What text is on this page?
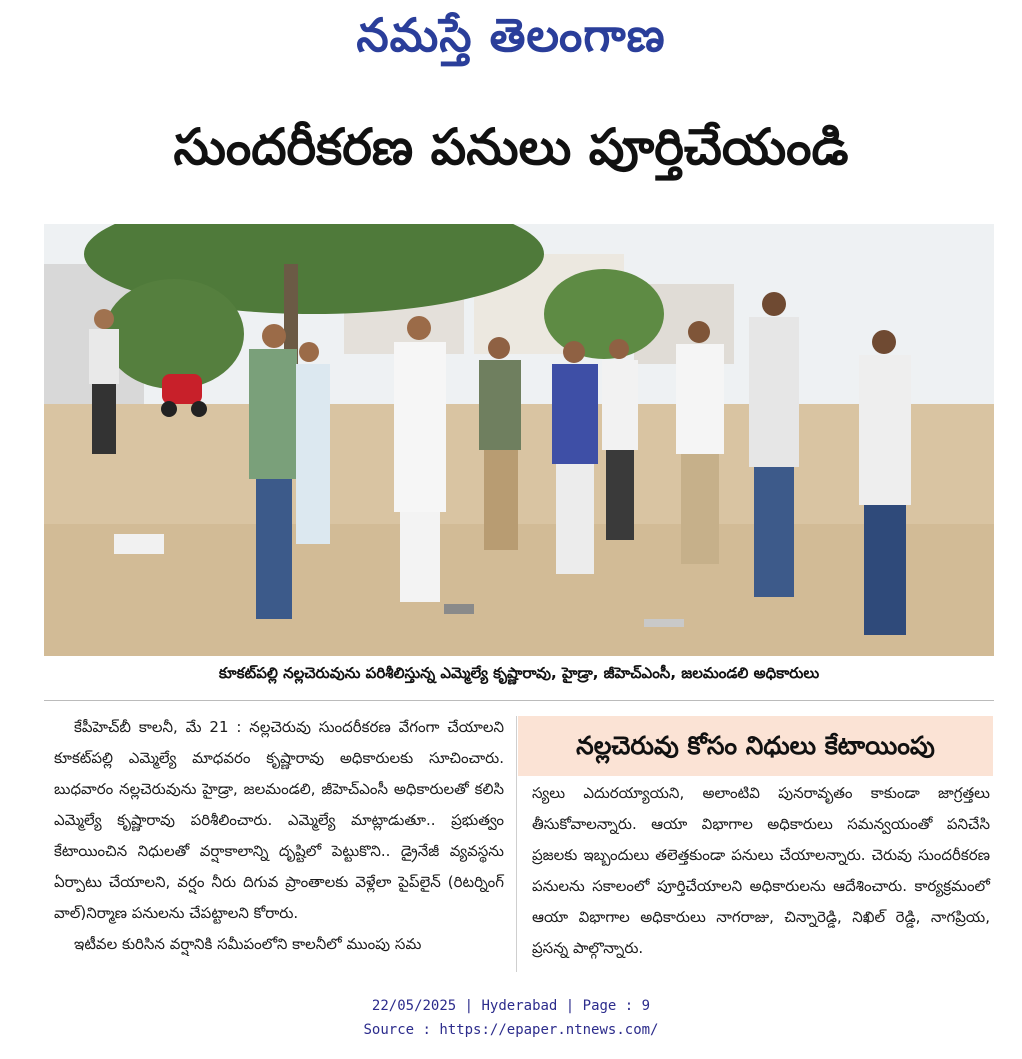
నమస్తే తెలంగాణ
సుందరీకరణ పనులు పూర్తిచేయండి
కూకట్‌పల్లి నల్లచెరువును పరిశీలిస్తున్న ఎమ్మెల్యే కృష్ణారావు, హైడ్రా, జీహెచ్‌ఎంసీ, జలమండలి అధికారులు

కేపీహెచ్‌బీ కాలనీ, మే 21 : నల్లచెరువు సుందరీకరణ వేగంగా చేయాలని కూకట్‌పల్లి ఎమ్మెల్యే మాధవరం కృష్ణారావు అధికారులకు సూచించారు. బుధవారం నల్లచెరువును హైడ్రా, జలమండలి, జీహెచ్‌ఎంసీ అధికారులతో కలిసి ఎమ్మెల్యే కృష్ణారావు పరిశీలించారు. ఎమ్మెల్యే మాట్లాడుతూ.. ప్రభుత్వం కేటాయించిన నిధులతో వర్షాకాలాన్ని దృష్టిలో పెట్టుకొని.. డ్రైనేజీ వ్యవస్థను ఏర్పాటు చేయాలని, వర్షం నీరు దిగువ ప్రాంతాలకు వెళ్లేలా పైప్‌లైన్ (రిటర్నింగ్ వాల్)నిర్మాణ పనులను చేపట్టాలని కోరారు.

ఇటీవల కురిసిన వర్షానికి సమీపంలోని కాలనీలో ముంపు సమ

నల్లచెరువు కోసం నిధులు కేటాయింపు

స్యలు ఎదురయ్యాయని, అలాంటివి పునరావృతం కాకుండా జాగ్రత్తలు తీసుకోవాలన్నారు. ఆయా విభాగాల అధికారులు సమన్వయంతో పనిచేసి ప్రజలకు ఇబ్బందులు తలెత్తకుండా పనులు చేయాలన్నారు. చెరువు సుందరీకరణ పనులను సకాలంలో పూర్తిచేయాలని అధికారులను ఆదేశించారు. కార్యక్రమంలో ఆయా విభాగాల అధికారులు నాగరాజు, చిన్నారెడ్డి, నిఖిల్ రెడ్డి, నాగప్రియ, ప్రసన్న పాల్గొన్నారు.

22/05/2025 | Hyderabad | Page : 9
Source : https://epaper.ntnews.com/
